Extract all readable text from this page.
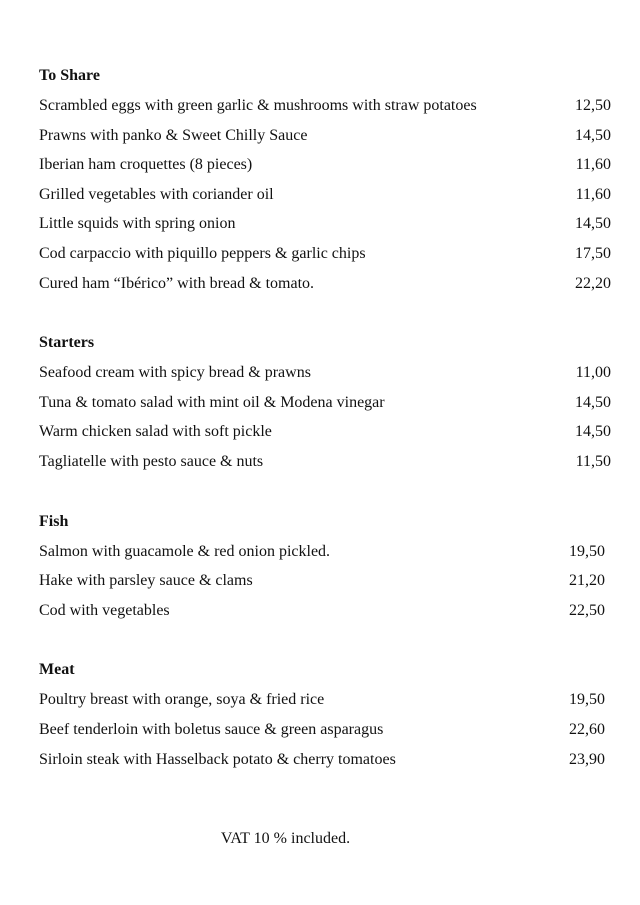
To Share
Scrambled eggs with green garlic & mushrooms with straw potatoes	12,50
Prawns with panko & Sweet Chilly Sauce	14,50
Iberian ham croquettes (8 pieces)	11,60
Grilled vegetables with coriander oil	11,60
Little squids with spring onion	14,50
Cod carpaccio with piquillo peppers & garlic chips	17,50
Cured ham “Ibérico” with bread & tomato.	22,20
Starters
Seafood cream with spicy bread & prawns	11,00
Tuna & tomato salad with mint oil & Modena vinegar	14,50
Warm chicken salad with soft pickle	14,50
Tagliatelle with pesto sauce & nuts	11,50
Fish
Salmon with guacamole & red onion pickled.	19,50
Hake with parsley sauce & clams	21,20
Cod with vegetables	22,50
Meat
Poultry breast with orange, soya & fried rice	19,50
Beef tenderloin with boletus sauce & green asparagus	22,60
Sirloin steak with Hasselback potato & cherry tomatoes	23,90
VAT 10 % included.
